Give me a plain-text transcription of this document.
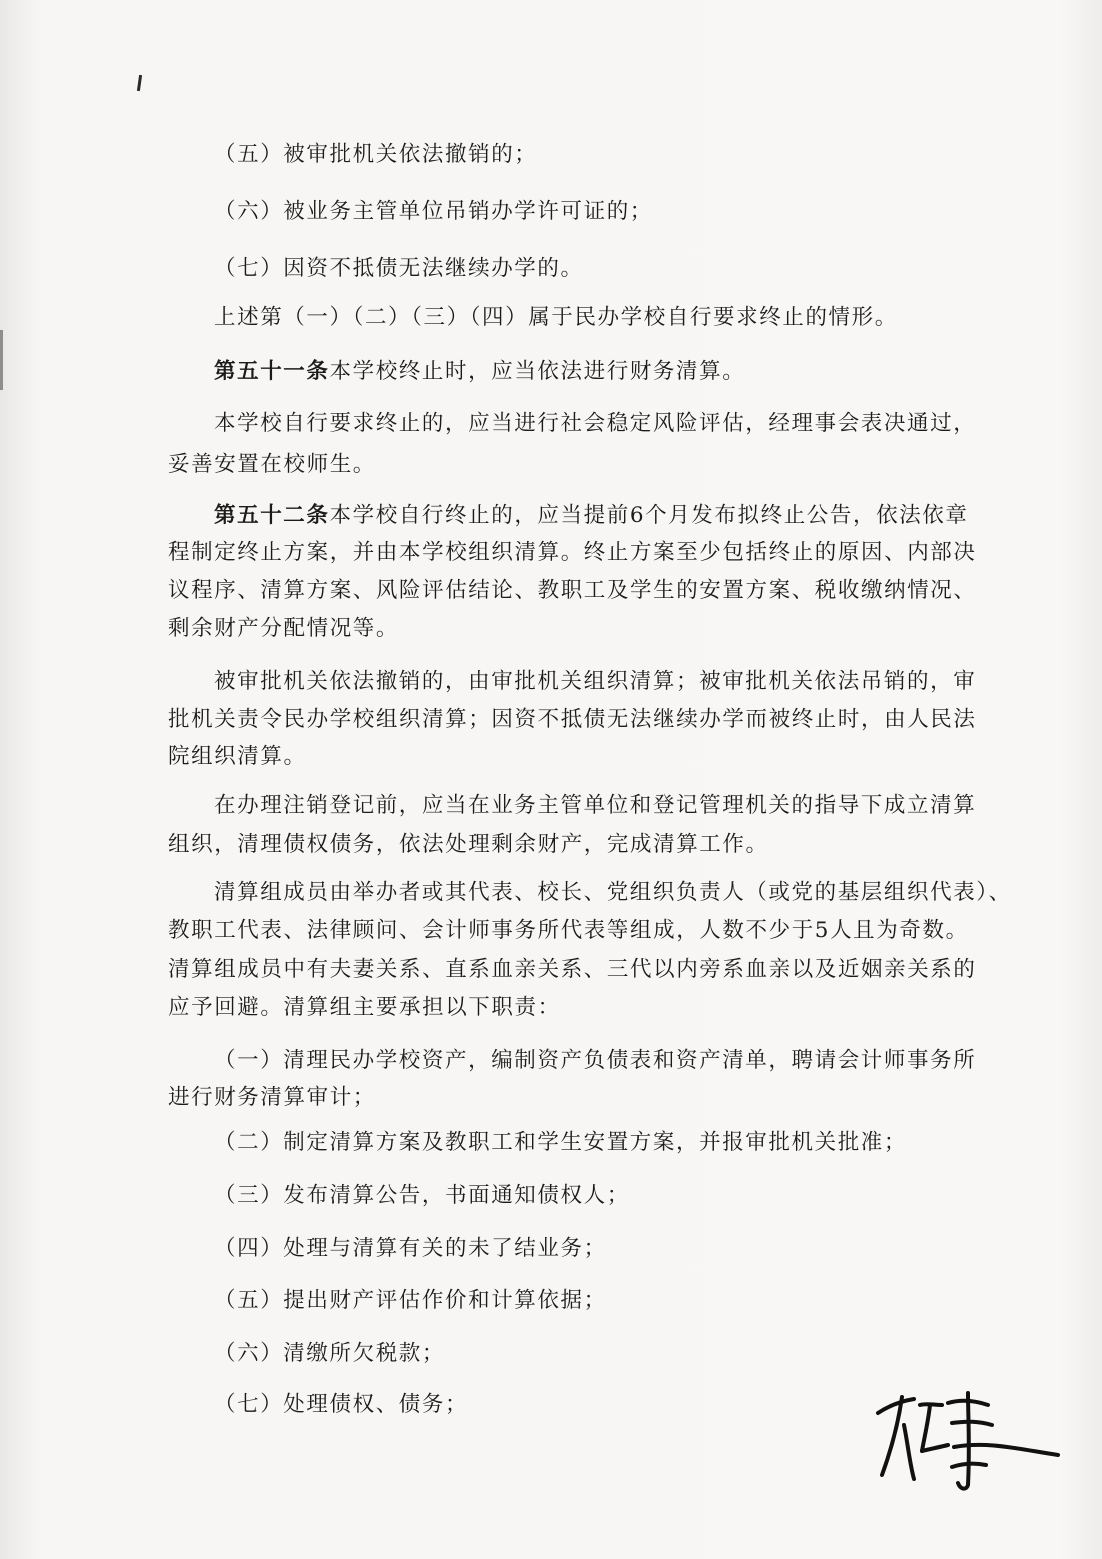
（五）被审批机关依法撤销的；
（六）被业务主管单位吊销办学许可证的；
（七）因资不抵债无法继续办学的。
上述第（一）（二）（三）（四）属于民办学校自行要求终止的情形。
第五十一条本学校终止时，应当依法进行财务清算。
本学校自行要求终止的，应当进行社会稳定风险评估，经理事会表决通过，
妥善安置在校师生。
第五十二条本学校自行终止的，应当提前6个月发布拟终止公告，依法依章
程制定终止方案，并由本学校组织清算。终止方案至少包括终止的原因、内部决
议程序、清算方案、风险评估结论、教职工及学生的安置方案、税收缴纳情况、
剩余财产分配情况等。
被审批机关依法撤销的，由审批机关组织清算；被审批机关依法吊销的，审
批机关责令民办学校组织清算；因资不抵债无法继续办学而被终止时，由人民法
院组织清算。
在办理注销登记前，应当在业务主管单位和登记管理机关的指导下成立清算
组织，清理债权债务，依法处理剩余财产，完成清算工作。
清算组成员由举办者或其代表、校长、党组织负责人（或党的基层组织代表）、
教职工代表、法律顾问、会计师事务所代表等组成，人数不少于5人且为奇数。
清算组成员中有夫妻关系、直系血亲关系、三代以内旁系血亲以及近姻亲关系的
应予回避。清算组主要承担以下职责：
（一）清理民办学校资产，编制资产负债表和资产清单，聘请会计师事务所
进行财务清算审计；
（二）制定清算方案及教职工和学生安置方案，并报审批机关批准；
（三）发布清算公告，书面通知债权人；
（四）处理与清算有关的未了结业务；
（五）提出财产评估作价和计算依据；
（六）清缴所欠税款；
（七）处理债权、债务；
